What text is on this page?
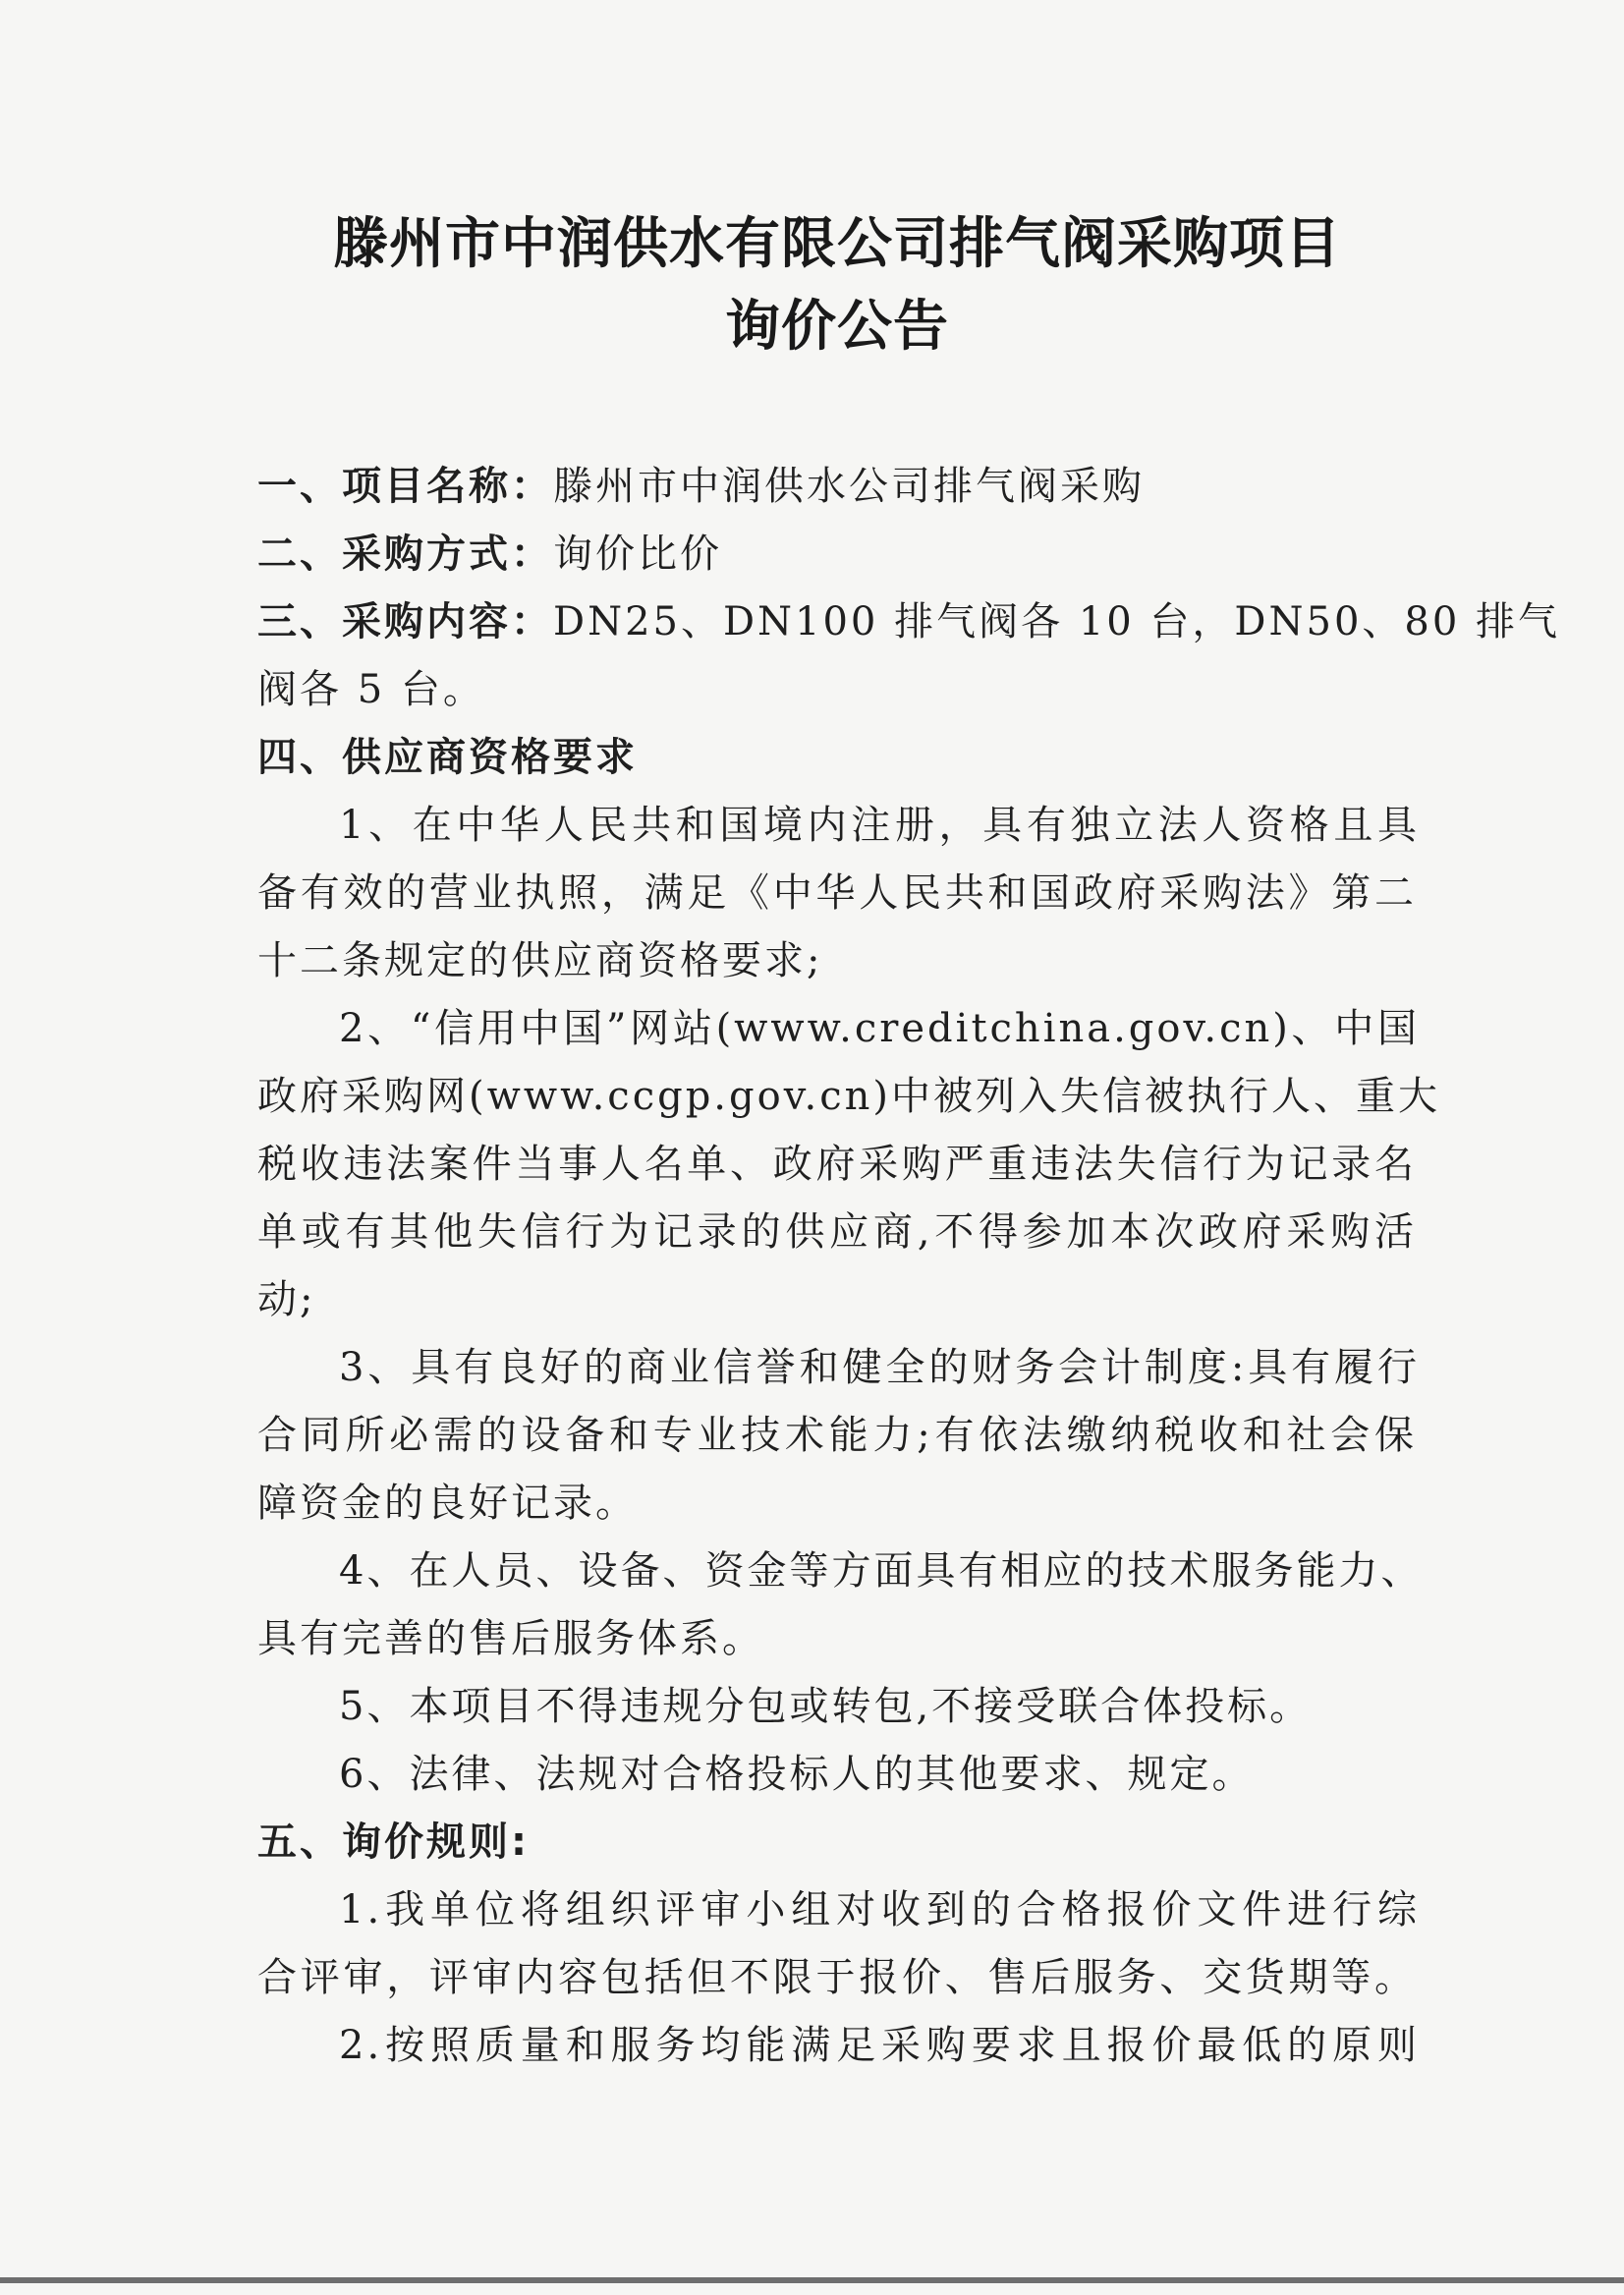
滕州市中润供水有限公司排气阀采购项目
询价公告
一、项目名称：滕州市中润供水公司排气阀采购
二、采购方式：询价比价
三、采购内容：DN25、DN100 排气阀各 10 台，DN50、80 排气
阀各 5 台。
四、供应商资格要求
1、在中华人民共和国境内注册，具有独立法人资格且具
备有效的营业执照，满足《中华人民共和国政府采购法》第二
十二条规定的供应商资格要求;
2、“信用中国”网站(www.creditchina.gov.cn)、中国
政府采购网(www.ccgp.gov.cn)中被列入失信被执行人、重大
税收违法案件当事人名单、政府采购严重违法失信行为记录名
单或有其他失信行为记录的供应商,不得参加本次政府采购活
动;
3、具有良好的商业信誉和健全的财务会计制度:具有履行
合同所必需的设备和专业技术能力;有依法缴纳税收和社会保
障资金的良好记录。
4、在人员、设备、资金等方面具有相应的技术服务能力、
具有完善的售后服务体系。
5、本项目不得违规分包或转包,不接受联合体投标。
6、法律、法规对合格投标人的其他要求、规定。
五、询价规则:
1.我单位将组织评审小组对收到的合格报价文件进行综
合评审，评审内容包括但不限于报价、售后服务、交货期等。
2.按照质量和服务均能满足采购要求且报价最低的原则
